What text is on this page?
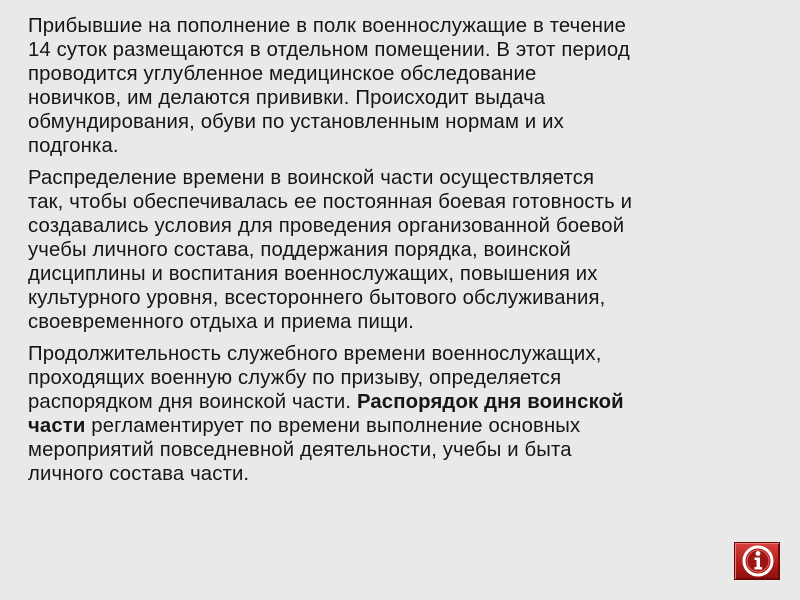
Прибывшие на пополнение в полк военнослужащие в течение
14 суток размещаются в отдельном помещении. В этот период
проводится углубленное медицинское обследование
новичков, им делаются прививки. Происходит выдача
обмундирования, обуви по установленным нормам и их
подгонка.

Распределение времени в воинской части осуществляется
так, чтобы обеспечивалась ее постоянная боевая готовность и
создавались условия для проведения организованной боевой
учебы личного состава, поддержания порядка, воинской
дисциплины и воспитания военнослужащих, повышения их
культурного уровня, всестороннего бытового обслуживания,
своевременного отдыха и приема пищи.

Продолжительность служебного времени военнослужащих,
проходящих военную службу по призыву, определяется
распорядком дня воинской части. Распорядок дня воинской
части регламентирует по времени выполнение основных
мероприятий повседневной деятельности, учебы и быта
личного состава части.
